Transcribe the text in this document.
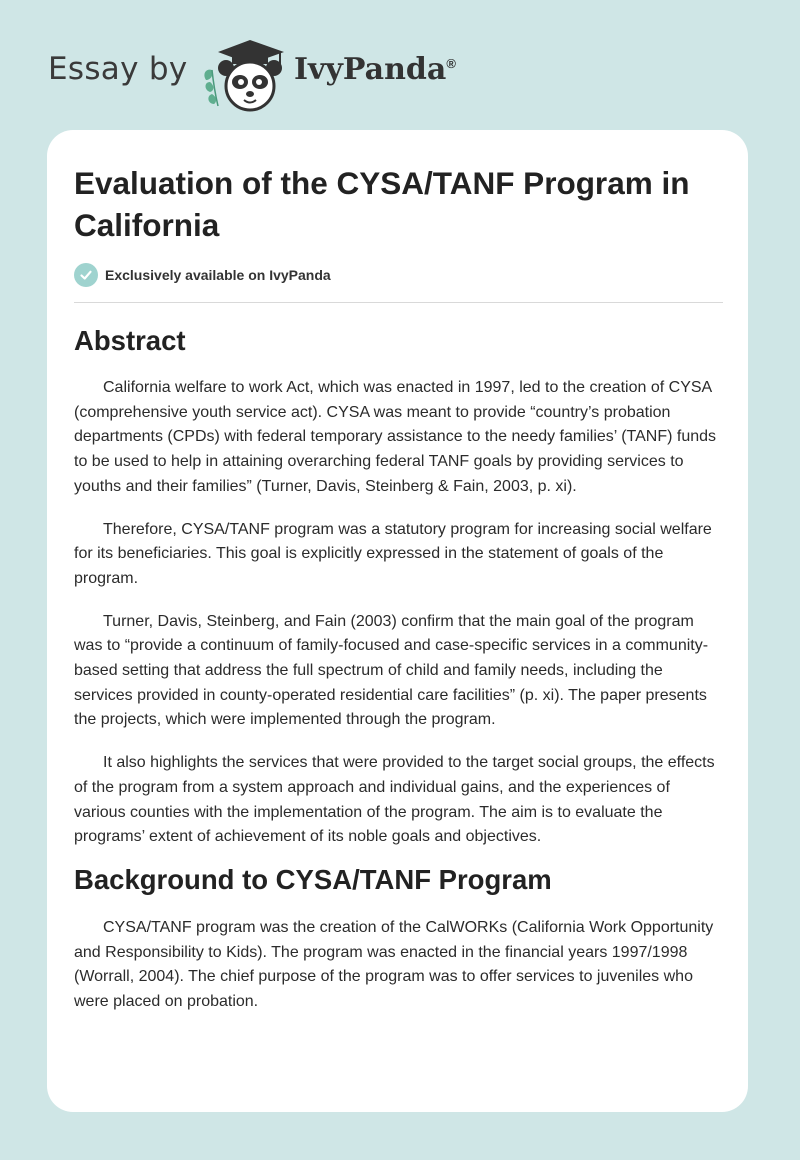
Essay by	IvyPanda®
Evaluation of the CYSA/TANF Program in California
Exclusively available on IvyPanda
Abstract

California welfare to work Act, which was enacted in 1997, led to the creation of CYSA (comprehensive youth service act). CYSA was meant to provide “country’s probation departments (CPDs) with federal temporary assistance to the needy families’ (TANF) funds to be used to help in attaining overarching federal TANF goals by providing services to youths and their families” (Turner, Davis, Steinberg & Fain, 2003, p. xi).

Therefore, CYSA/TANF program was a statutory program for increasing social welfare for its beneficiaries. This goal is explicitly expressed in the statement of goals of the program.

Turner, Davis, Steinberg, and Fain (2003) confirm that the main goal of the program was to “provide a continuum of family-focused and case-specific services in a community-based setting that address the full spectrum of child and family needs, including the services provided in county-operated residential care facilities” (p. xi). The paper presents the projects, which were implemented through the program.

It also highlights the services that were provided to the target social groups, the effects of the program from a system approach and individual gains, and the experiences of various counties with the implementation of the program. The aim is to evaluate the programs’ extent of achievement of its noble goals and objectives.

Background to CYSA/TANF Program

CYSA/TANF program was the creation of the CalWORKs (California Work Opportunity and Responsibility to Kids). The program was enacted in the financial years 1997/1998 (Worrall, 2004). The chief purpose of the program was to offer services to juveniles who were placed on probation.
